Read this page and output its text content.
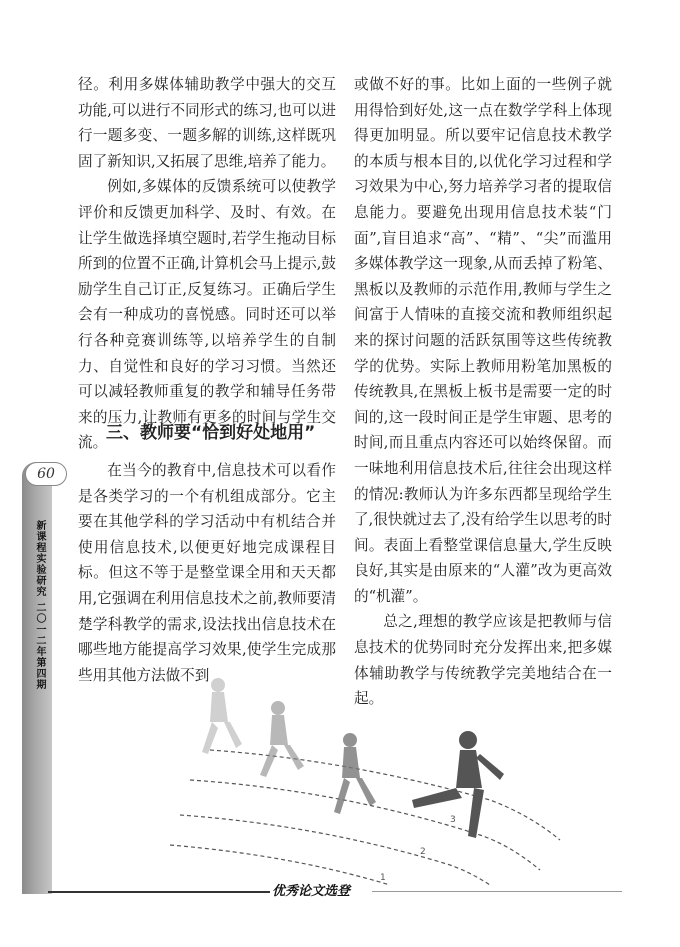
径。利用多媒体辅助教学中强大的交互功能,可以进行不同形式的练习,也可以进行一题多变、一题多解的训练,这样既巩固了新知识,又拓展了思维,培养了能力。

例如,多媒体的反馈系统可以使教学评价和反馈更加科学、及时、有效。在让学生做选择填空题时,若学生拖动目标所到的位置不正确,计算机会马上提示,鼓励学生自己订正,反复练习。正确后学生会有一种成功的喜悦感。同时还可以举行各种竞赛训练等,以培养学生的自制力、自觉性和良好的学习习惯。当然还可以减轻教师重复的教学和辅导任务带来的压力,让教师有更多的时间与学生交流。

三、教师要“恰到好处地用”

在当今的教育中,信息技术可以看作是各类学习的一个有机组成部分。它主要在其他学科的学习活动中有机结合并使用信息技术,以便更好地完成课程目标。但这不等于是整堂课全用和天天都用,它强调在利用信息技术之前,教师要清楚学科教学的需求,设法找出信息技术在哪些地方能提高学习效果,使学生完成那些用其他方法做不到

或做不好的事。比如上面的一些例子就用得恰到好处,这一点在数学学科上体现得更加明显。所以要牢记信息技术教学的本质与根本目的,以优化学习过程和学习效果为中心,努力培养学习者的提取信息能力。要避免出现用信息技术装“门面”,盲目追求“高”、“精”、“尖”而滥用多媒体教学这一现象,从而丢掉了粉笔、黑板以及教师的示范作用,教师与学生之间富于人情味的直接交流和教师组织起来的探讨问题的活跃氛围等这些传统教学的优势。实际上教师用粉笔加黑板的传统教具,在黑板上板书是需要一定的时间的,这一段时间正是学生审题、思考的时间,而且重点内容还可以始终保留。而一味地利用信息技术后,往往会出现这样的情况:教师认为许多东西都呈现给学生了,很快就过去了,没有给学生以思考的时间。表面上看整堂课信息量大,学生反映良好,其实是由原来的“人灌”改为更高效的“机灌”。

总之,理想的教学应该是把教师与信息技术的优势同时充分发挥出来,把多媒体辅助教学与传统教学完美地结合在一起。

60
新课程实验研究
二〇一二年第四期
3
2
1
优秀论文选登
